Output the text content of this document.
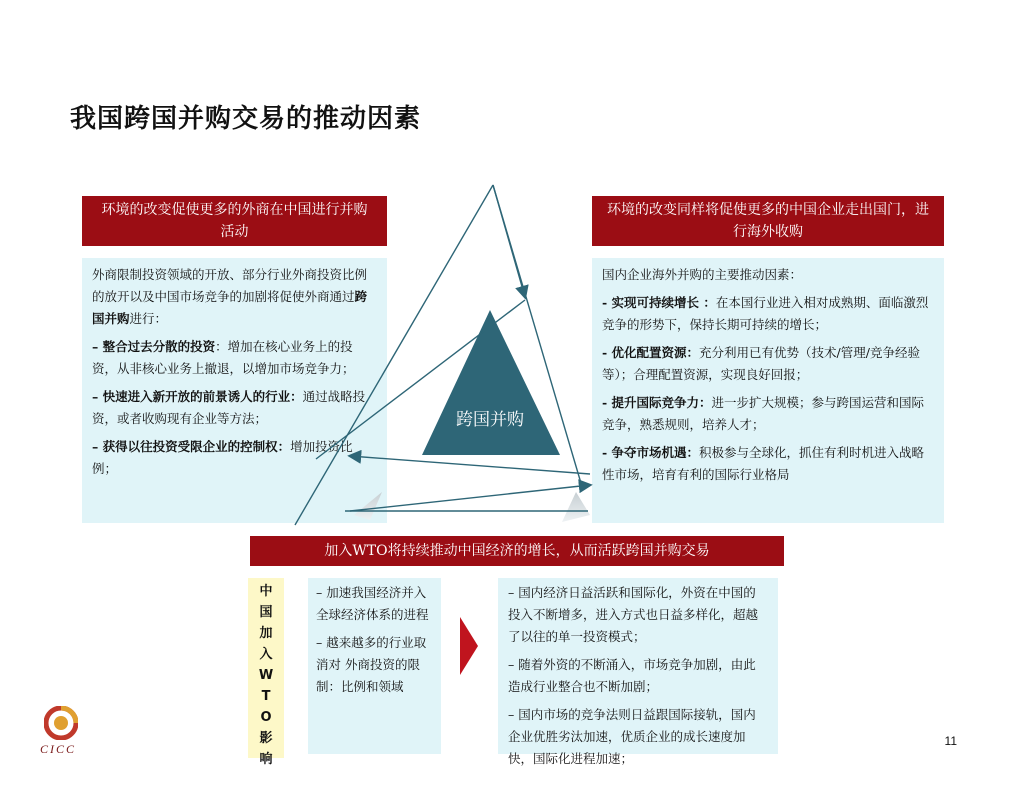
我国跨国并购交易的推动因素
环境的改变促使更多的外商在中国进行并购活动

外商限制投资领域的开放、部分行业外商投资比例的放开以及中国市场竞争的加剧将促使外商通过跨国并购进行：

– 整合过去分散的投资：增加在核心业务上的投资，从非核心业务上撤退，以增加市场竞争力；

– 快速进入新开放的前景诱人的行业：通过战略投资，或者收购现有企业等方法；

– 获得以往投资受限企业的控制权：增加投资比例；

环境的改变同样将促使更多的中国企业走出国门，进行海外收购

国内企业海外并购的主要推动因素：

- 实现可持续增长 ：在本国行业进入相对成熟期、面临激烈竞争的形势下，保持长期可持续的增长；

- 优化配置资源：充分利用已有优势（技术/管理/竞争经验等）；合理配置资源，实现良好回报；

- 提升国际竞争力：进一步扩大规模；参与跨国运营和国际竞争，熟悉规则，培养人才；

- 争夺市场机遇：积极参与全球化，抓住有利时机进入战略性市场，培育有利的国际行业格局

跨国并购
加入WTO将持续推动中国经济的增长，从而活跃跨国并购交易
中
国
加
入
W
T
O
影
响

– 加速我国经济并入全球经济体系的进程

– 越来越多的行业取消对 外商投资的限制：比例和领域

– 国内经济日益活跃和国际化，外资在中国的投入不断增多，进入方式也日益多样化，超越了以往的单一投资模式；

– 随着外资的不断涌入，市场竞争加剧，由此造成行业整合也不断加剧；

– 国内市场的竞争法则日益跟国际接轨，国内企业优胜劣汰加速，优质企业的成长速度加快，国际化进程加速；

CICC
11
